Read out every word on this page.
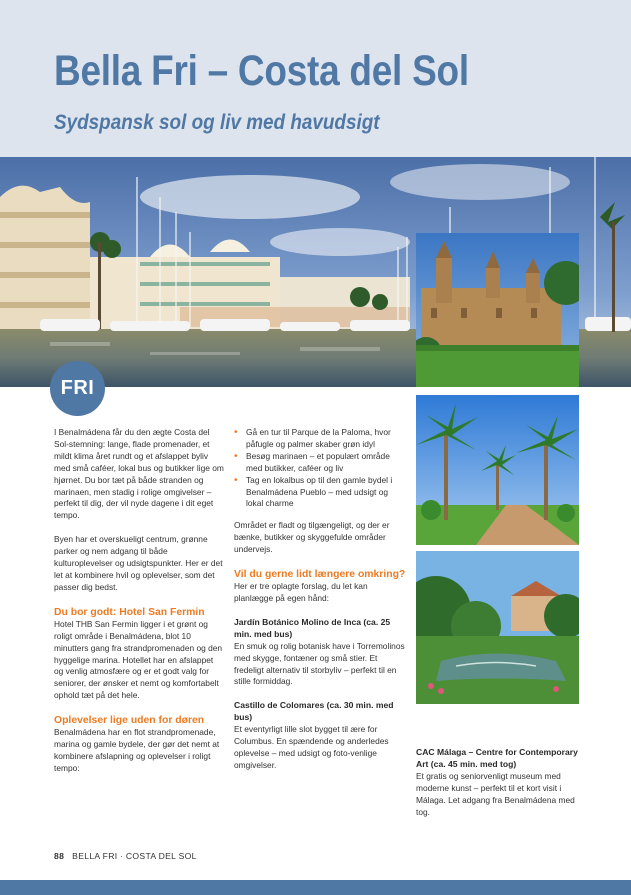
Bella Fri – Costa del Sol
Sydspansk sol og liv med havudsigt
FRI

I Benalmádena får du den ægte Costa del Sol-stemning: lange, flade promenader, et mildt klima året rundt og et afslappet byliv med små caféer, lokal bus og butikker lige om hjørnet. Du bor tæt på både stranden og marinaen, men stadig i rolige omgivelser – perfekt til dig, der vil nyde dagene i dit eget tempo.

Byen har et overskueligt centrum, grønne parker og nem adgang til både kulturoplevelser og udsigtspunkter. Her er det let at kombinere hvil og oplevelser, som det passer dig bedst.

Du bor godt: Hotel San Fermin

Hotel THB San Fermin ligger i et grønt og roligt område i Benalmádena, blot 10 minutters gang fra strandpromenaden og den hyggelige marina. Hotellet har en afslappet og venlig atmosfære og er et godt valg for seniorer, der ønsker et nemt og komfortabelt ophold tæt på det hele.

Oplevelser lige uden for døren

Benalmádena har en flot strandpromenade, marina og gamle bydele, der gør det nemt at kombinere afslapning og oplevelser i roligt tempo:

• Gå en tur til Parque de la Paloma, hvor påfugle og palmer skaber grøn idyl
• Besøg marinaen – et populært område med butikker, caféer og liv
• Tag en lokalbus op til den gamle bydel i Benalmádena Pueblo – med udsigt og lokal charme

Området er fladt og tilgængeligt, og der er bænke, butikker og skyggefulde områder undervejs.

Vil du gerne lidt længere omkring?

Her er tre oplagte forslag, du let kan planlægge på egen hånd:

Jardín Botánico Molino de Inca (ca. 25 min. med bus)

En smuk og rolig botanisk have i Torremolinos med skygge, fontæner og små stier. Et fredeligt alternativ til storbyliv – perfekt til en stille formiddag.

Castillo de Colomares (ca. 30 min. med bus)

Et eventyrligt lille slot bygget til ære for Columbus. En spændende og anderledes oplevelse – med udsigt og foto-venlige omgivelser.

CAC Málaga – Centre for Contemporary Art (ca. 45 min. med tog)

Et gratis og seniorvenligt museum med moderne kunst – perfekt til et kort visit i Málaga. Let adgang fra Benalmádena med tog.

88 BELLA FRI · COSTA DEL SOL
